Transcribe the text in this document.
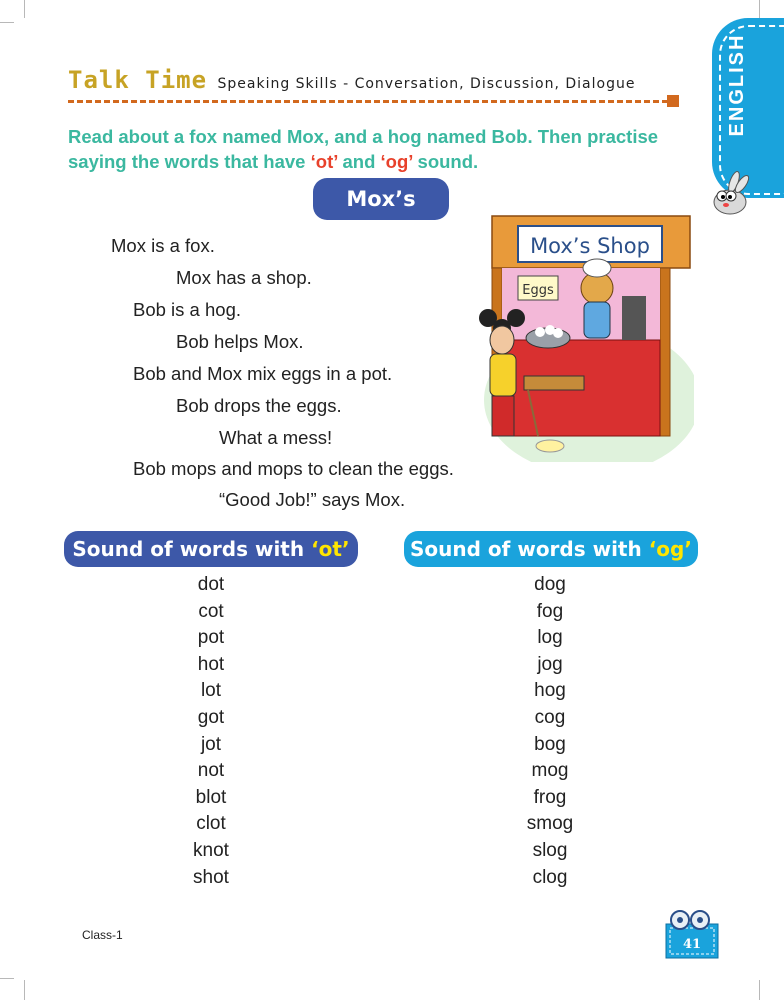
Talk Time Speaking Skills - Conversation, Discussion, Dialogue	ENGLISH
Read about a fox named Mox, and a hog named Bob. Then practise saying the words that have ‘ot’ and ‘og’ sound.
Mox’s Shop
Mox is a fox.
Mox has a shop.
Bob is a hog.
Bob helps Mox.
Bob and Mox mix eggs in a pot.
Bob drops the eggs.
What a mess!
Bob mops and mops to clean the eggs.
“Good Job!” says Mox.
Mox’s Shop
Eggs
Sound of words with ‘ot’	Sound of words with ‘og’
dot
cot
pot
hot
lot
got
jot
not
blot
clot
knot
shot
dog
fog
log
jog
hog
cog
bog
mog
frog
smog
slog
clog
Class-1
41
